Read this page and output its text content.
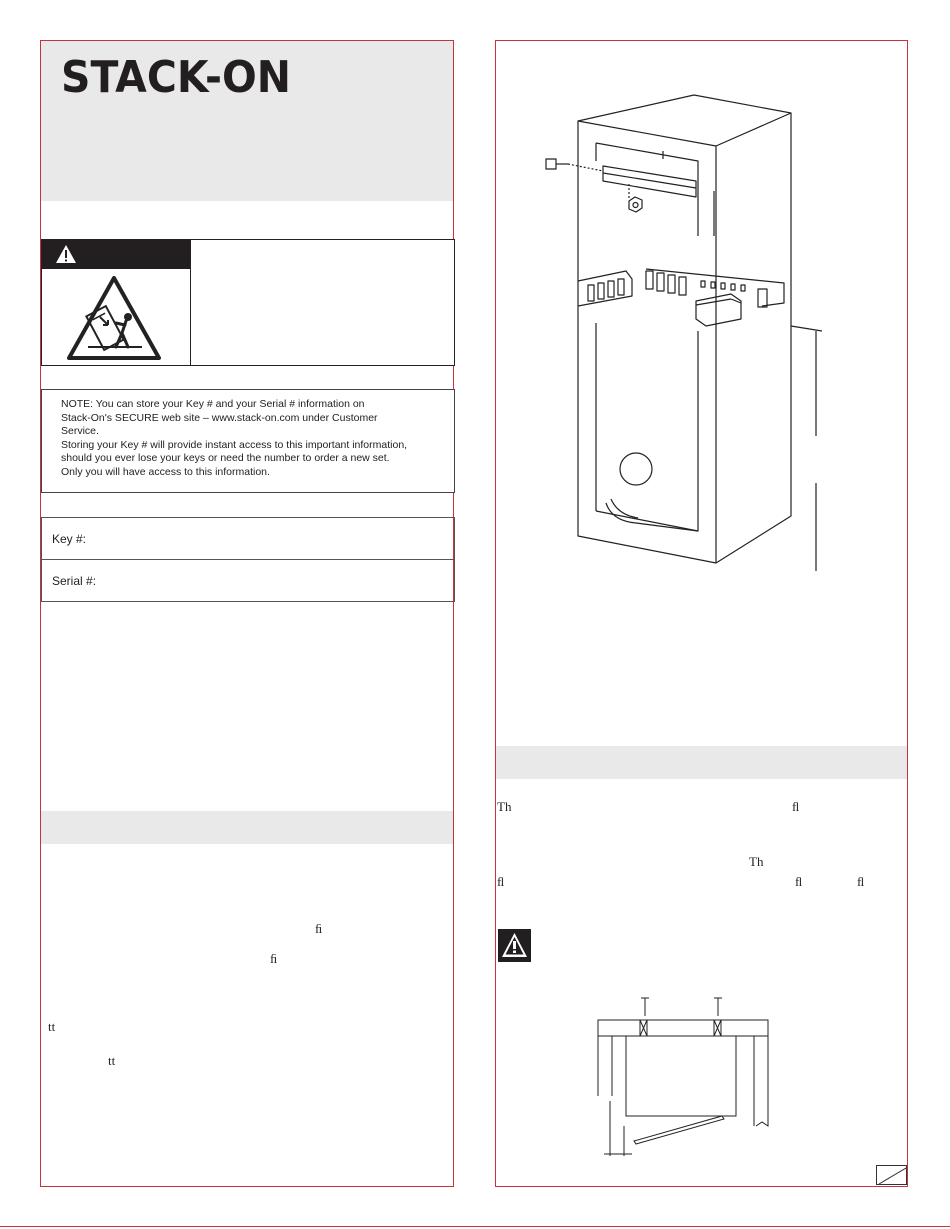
STACK-ON
NOTE: You can store your Key # and your Serial # information on
Stack-On's SECURE web site – www.stack-on.com under Customer
Service.
Storing your Key # will provide instant access to this important information,
should you ever lose your keys or need the number to order a new set.
Only you will have access to this information.
Key #:
Serial #:
ﬁ
ﬁ
tt
tt
Th	ﬂ
Th
ﬂ	ﬂ	ﬂ
